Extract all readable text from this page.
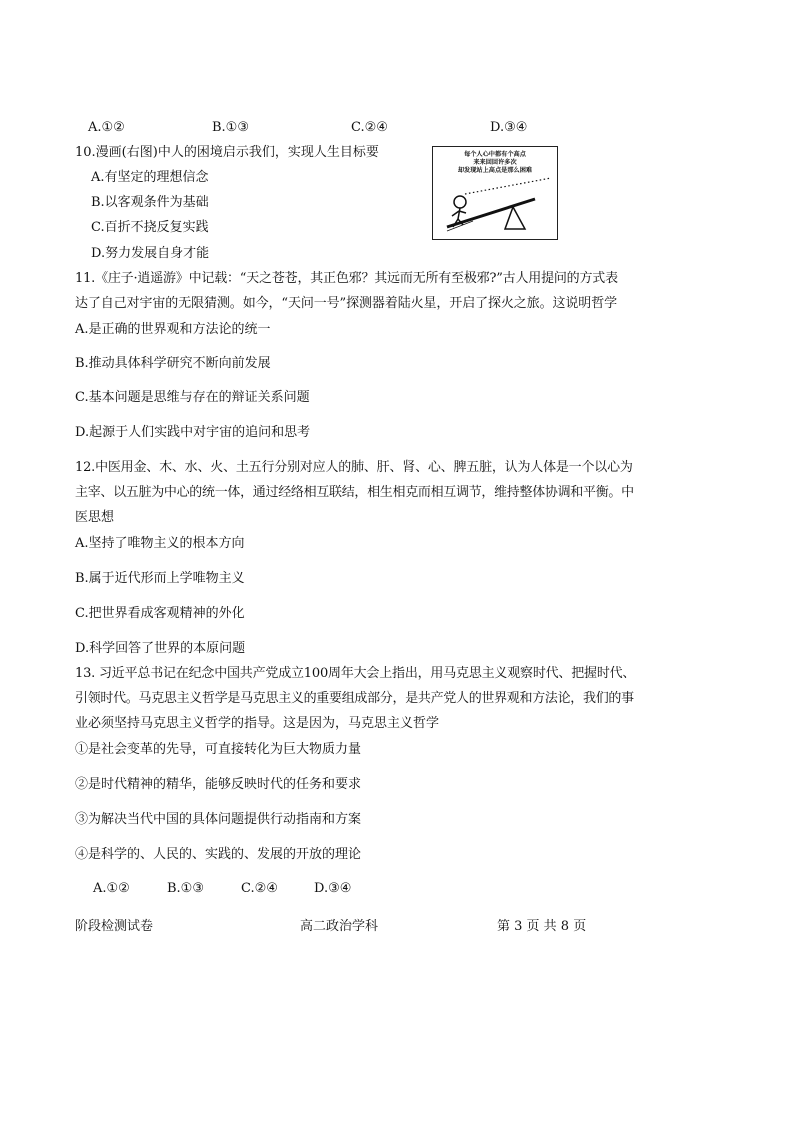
A.①②	B.①③	C.②④	D.③④
10.漫画(右图)中人的困境启示我们，实现人生目标要
A.有坚定的理想信念
B.以客观条件为基础
C.百折不挠反复实践
D.努力发展自身才能
每个人心中都有个高点
来来回回许多次
却发现站上高点是那么困难
11.《庄子·逍遥游》中记载：“天之苍苍，其正色邪？其远而无所有至极邪?”古人用提问的方式表
达了自己对宇宙的无限猜测。如今，“天问一号”探测器着陆火星，开启了探火之旅。这说明哲学
A.是正确的世界观和方法论的统一
B.推动具体科学研究不断向前发展
C.基本问题是思维与存在的辩证关系问题
D.起源于人们实践中对宇宙的追问和思考
12.中医用金、木、水、火、土五行分别对应人的肺、肝、肾、心、脾五脏，认为人体是一个以心为
主宰、以五脏为中心的统一体，通过经络相互联结，相生相克而相互调节，维持整体协调和平衡。中
医思想
A.坚持了唯物主义的根本方向
B.属于近代形而上学唯物主义
C.把世界看成客观精神的外化
D.科学回答了世界的本原问题
13. 习近平总书记在纪念中国共产党成立100周年大会上指出，用马克思主义观察时代、把握时代、
引领时代。马克思主义哲学是马克思主义的重要组成部分，是共产党人的世界观和方法论，我们的事
业必须坚持马克思主义哲学的指导。这是因为，马克思主义哲学
①是社会变革的先导，可直接转化为巨大物质力量
②是时代精神的精华，能够反映时代的任务和要求
③为解决当代中国的具体问题提供行动指南和方案
④是科学的、人民的、实践的、发展的开放的理论
A.①②	B.①③	C.②④	D.③④
阶段检测试卷	高二政治学科	第 3 页 共 8 页
